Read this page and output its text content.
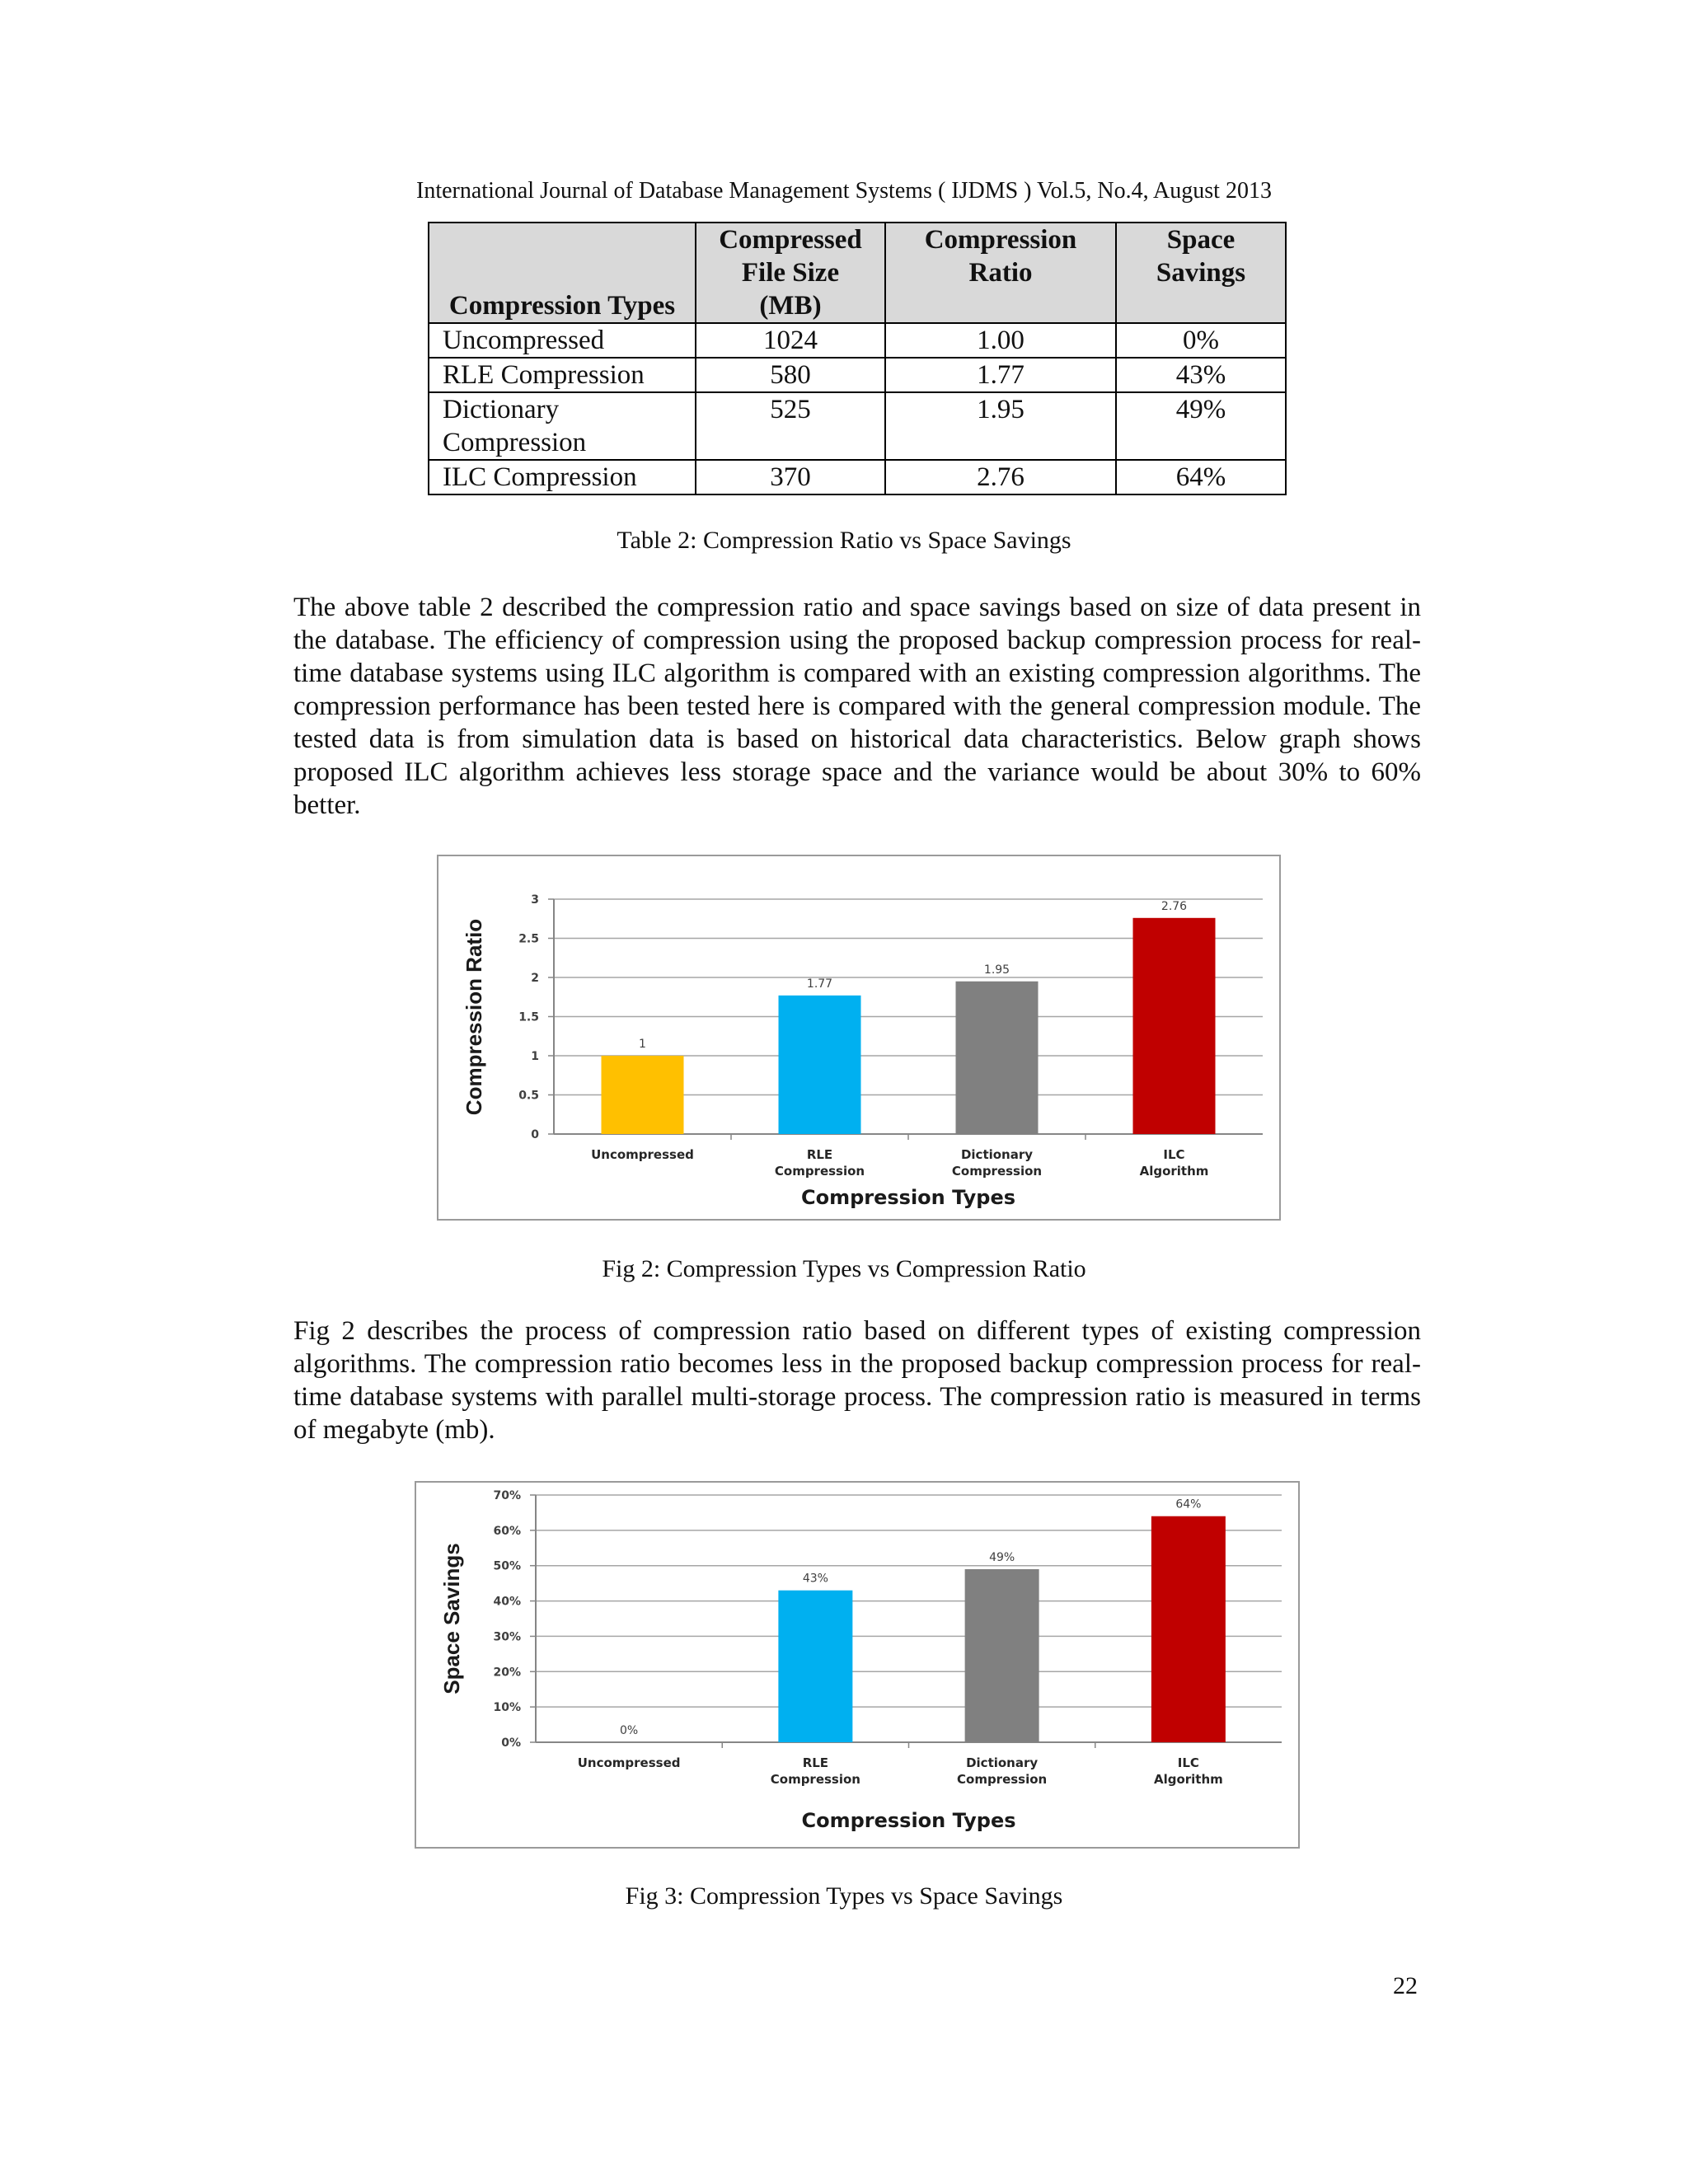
International Journal of Database Management Systems ( IJDMS ) Vol.5, No.4, August 2013
Compression Types	Compressed File Size (MB)	Compression Ratio	Space Savings
Uncompressed	1024	1.00	0%
RLE Compression	580	1.77	43%
Dictionary Compression	525	1.95	49%
ILC Compression	370	2.76	64%
Table 2: Compression Ratio vs Space Savings
The above table 2 described the compression ratio and space savings based on size of data present in the database. The efficiency of compression using the proposed backup compression process for real-time database systems using ILC algorithm is compared with an existing compression algorithms. The compression performance has been tested here is compared with the general compression module. The tested data is from simulation data is based on historical data characteristics. Below graph shows proposed ILC algorithm achieves less storage space and the variance would be about 30% to 60% better.
0
0.5
1
1.5
2
2.5
3
1
Uncompressed
1.77
RLE
Compression
1.95
Dictionary
Compression
2.76
ILC
Algorithm
Compression Types
Compression Ratio
Fig 2: Compression Types vs Compression Ratio
Fig 2 describes the process of compression ratio based on different types of existing compression algorithms. The compression ratio becomes less in the proposed backup compression process for real-time database systems with parallel multi-storage process. The compression ratio is measured in terms of megabyte (mb).
0%
10%
20%
30%
40%
50%
60%
70%
0%
Uncompressed
43%
RLE
Compression
49%
Dictionary
Compression
64%
ILC
Algorithm
Compression Types
Space Savings
Fig 3: Compression Types vs Space Savings
22
